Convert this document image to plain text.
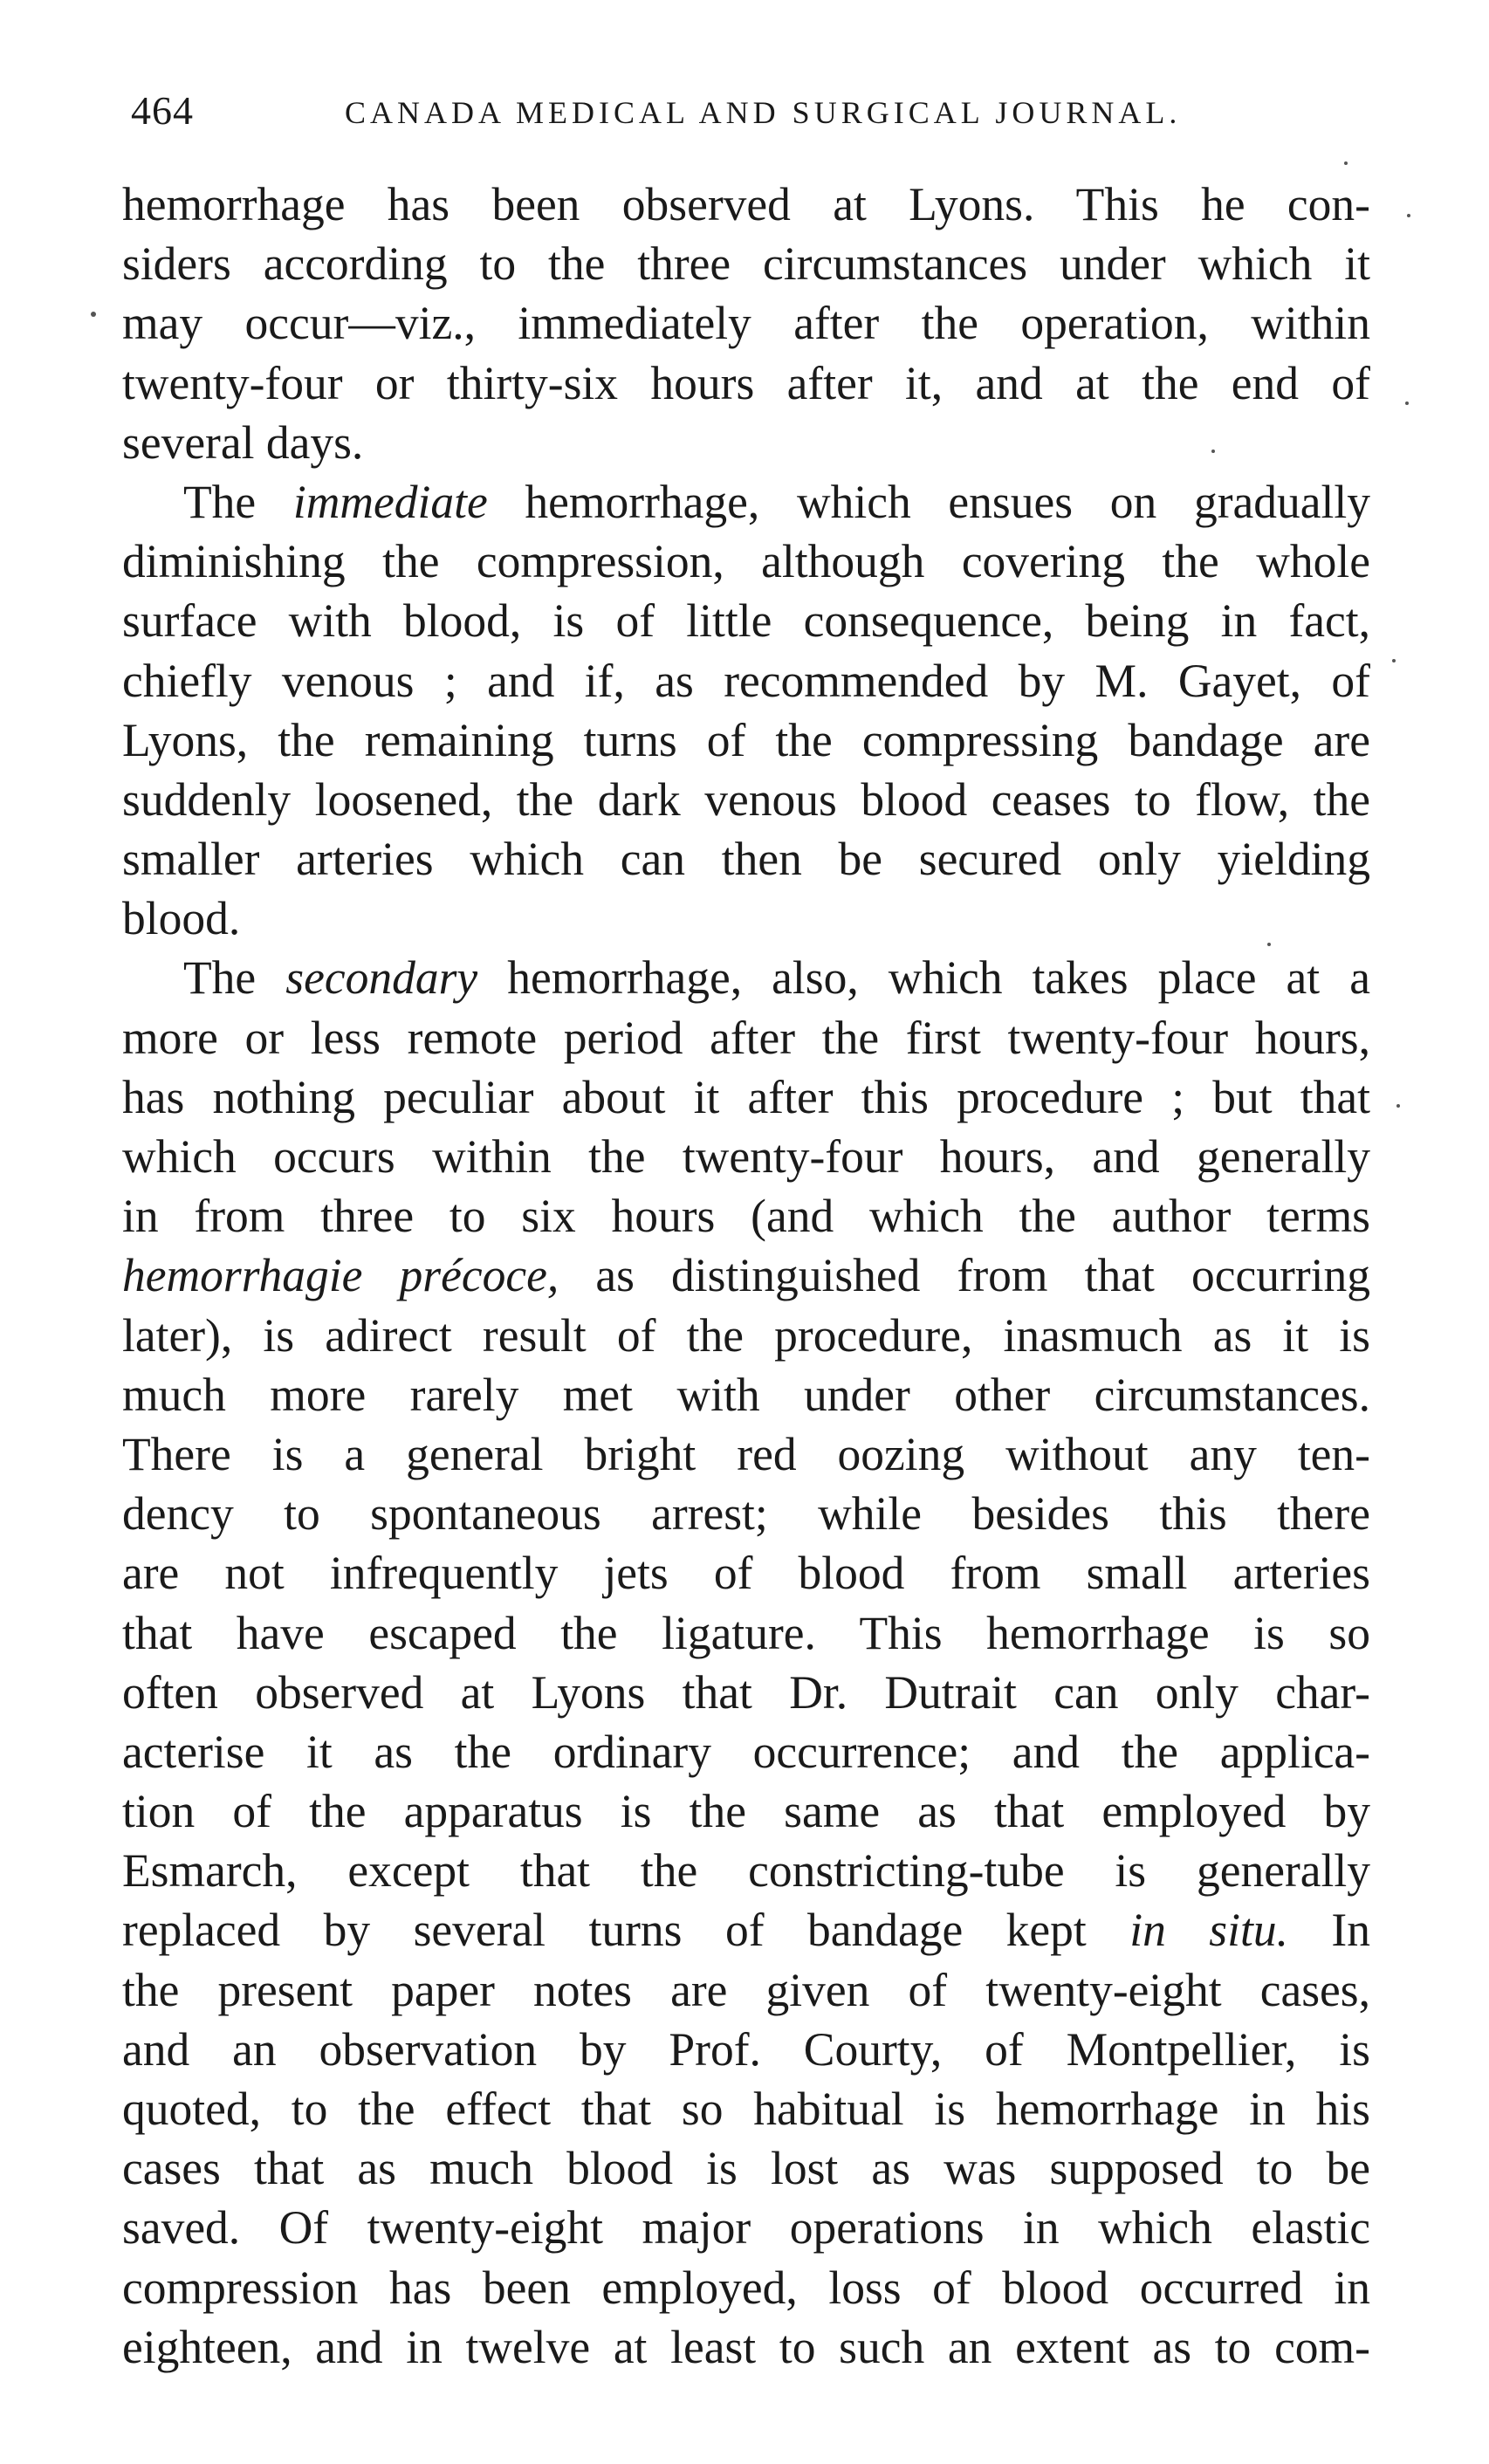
464	CANADA MEDICAL AND SURGICAL JOURNAL.
hemorrhage has been observed at Lyons. This he con-
siders according to the three circumstances under which it
may occur—viz., immediately after the operation, within
twenty-four or thirty-six hours after it, and at the end of
several days.
The immediate hemorrhage, which ensues on gradually
diminishing the compression, although covering the whole
surface with blood, is of little consequence, being in fact,
chiefly venous ; and if, as recommended by M. Gayet, of
Lyons, the remaining turns of the compressing bandage are
suddenly loosened, the dark venous blood ceases to flow, the
smaller arteries which can then be secured only yielding
blood.
The secondary hemorrhage, also, which takes place at a
more or less remote period after the first twenty-four hours,
has nothing peculiar about it after this procedure ; but that
which occurs within the twenty-four hours, and generally
in from three to six hours (and which the author terms
hemorrhagie précoce, as distinguished from that occurring
later), is adirect result of the procedure, inasmuch as it is
much more rarely met with under other circumstances.
There is a general bright red oozing without any ten-
dency to spontaneous arrest; while besides this there
are not infrequently jets of blood from small arteries
that have escaped the ligature. This hemorrhage is so
often observed at Lyons that Dr. Dutrait can only char-
acterise it as the ordinary occurrence; and the applica-
tion of the apparatus is the same as that employed by
Esmarch, except that the constricting-tube is generally
replaced by several turns of bandage kept in situ. In
the present paper notes are given of twenty-eight cases,
and an observation by Prof. Courty, of Montpellier, is
quoted, to the effect that so habitual is hemorrhage in his
cases that as much blood is lost as was supposed to be
saved. Of twenty-eight major operations in which elastic
compression has been employed, loss of blood occurred in
eighteen, and in twelve at least to such an extent as to com-
